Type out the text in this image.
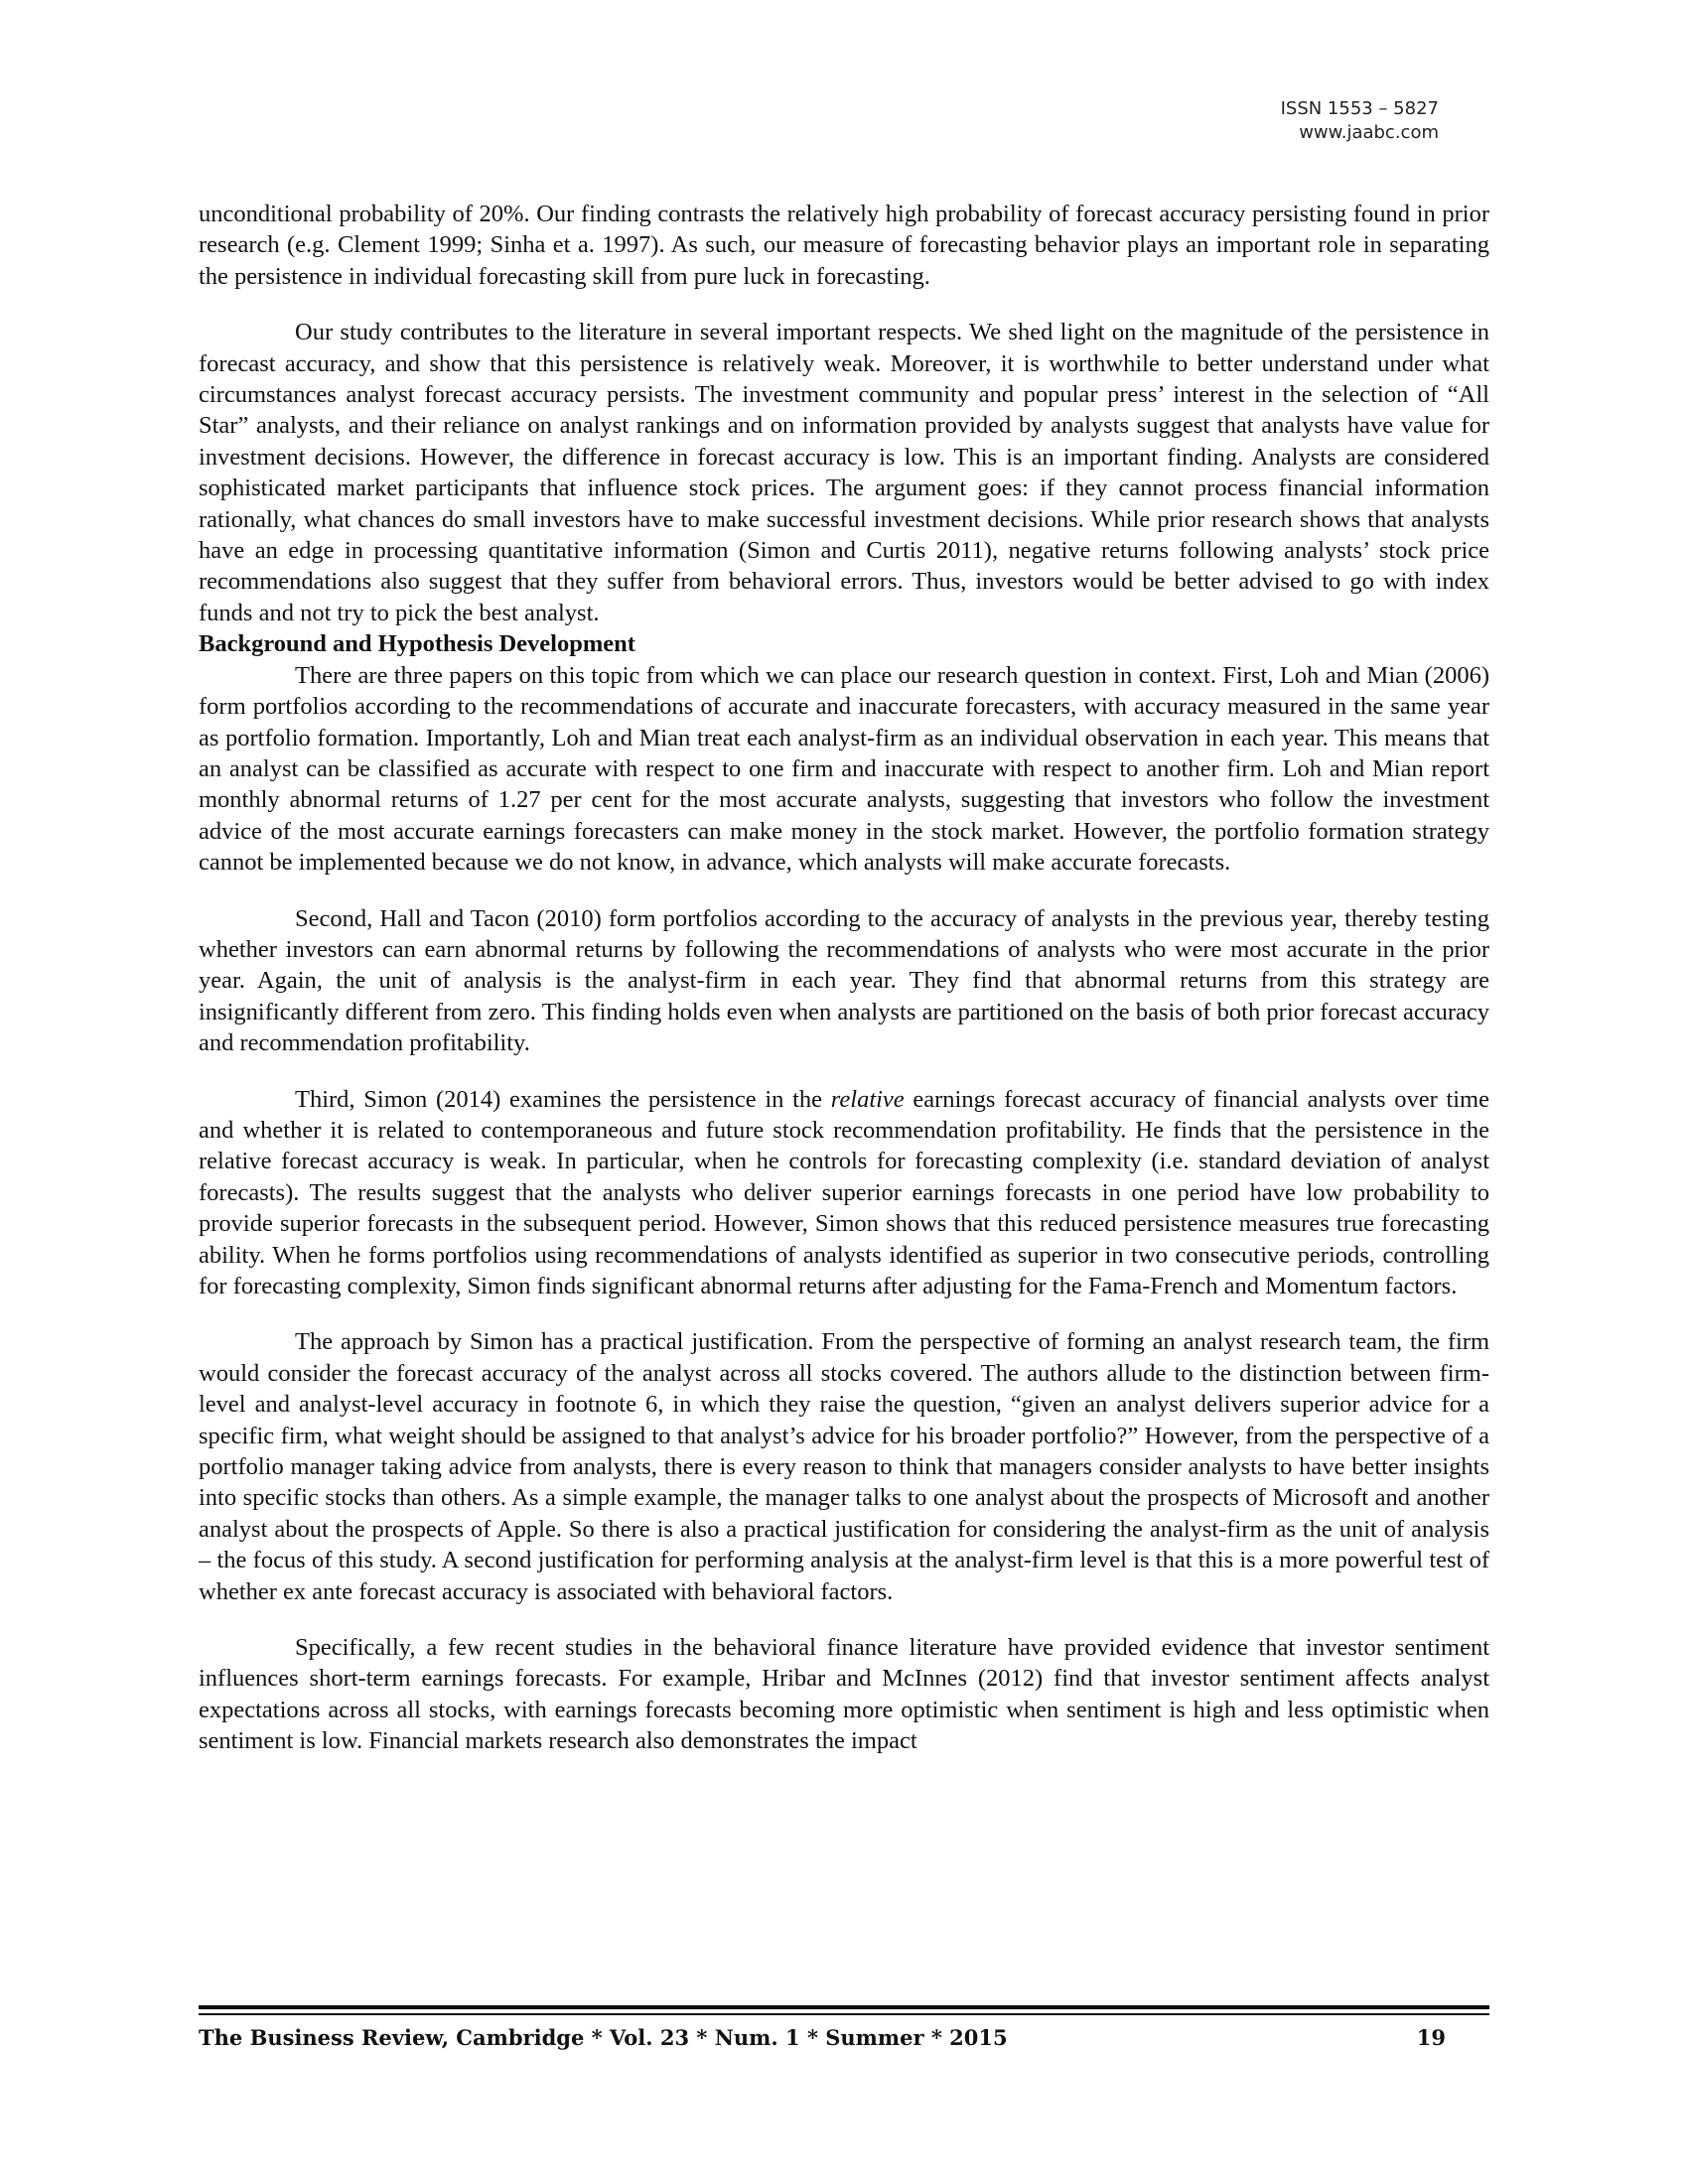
ISSN 1553 – 5827
www.jaabc.com

unconditional probability of 20%. Our finding contrasts the relatively high probability of forecast accuracy persisting found in prior research (e.g. Clement 1999; Sinha et a. 1997). As such, our measure of forecasting behavior plays an important role in separating the persistence in individual forecasting skill from pure luck in forecasting.

Our study contributes to the literature in several important respects. We shed light on the magnitude of the persistence in forecast accuracy, and show that this persistence is relatively weak. Moreover, it is worthwhile to better understand under what circumstances analyst forecast accuracy persists. The investment community and popular press’ interest in the selection of “All Star” analysts, and their reliance on analyst rankings and on information provided by analysts suggest that analysts have value for investment decisions. However, the difference in forecast accuracy is low. This is an important finding. Analysts are considered sophisticated market participants that influence stock prices. The argument goes: if they cannot process financial information rationally, what chances do small investors have to make successful investment decisions. While prior research shows that analysts have an edge in processing quantitative information (Simon and Curtis 2011), negative returns following analysts’ stock price recommendations also suggest that they suffer from behavioral errors. Thus, investors would be better advised to go with index funds and not try to pick the best analyst.

Background and Hypothesis Development

There are three papers on this topic from which we can place our research question in context. First, Loh and Mian (2006) form portfolios according to the recommendations of accurate and inaccurate forecasters, with accuracy measured in the same year as portfolio formation. Importantly, Loh and Mian treat each analyst-firm as an individual observation in each year. This means that an analyst can be classified as accurate with respect to one firm and inaccurate with respect to another firm. Loh and Mian report monthly abnormal returns of 1.27 per cent for the most accurate analysts, suggesting that investors who follow the investment advice of the most accurate earnings forecasters can make money in the stock market. However, the portfolio formation strategy cannot be implemented because we do not know, in advance, which analysts will make accurate forecasts.

Second, Hall and Tacon (2010) form portfolios according to the accuracy of analysts in the previous year, thereby testing whether investors can earn abnormal returns by following the recommendations of analysts who were most accurate in the prior year. Again, the unit of analysis is the analyst-firm in each year. They find that abnormal returns from this strategy are insignificantly different from zero. This finding holds even when analysts are partitioned on the basis of both prior forecast accuracy and recommendation profitability.

Third, Simon (2014) examines the persistence in the relative earnings forecast accuracy of financial analysts over time and whether it is related to contemporaneous and future stock recommendation profitability. He finds that the persistence in the relative forecast accuracy is weak. In particular, when he controls for forecasting complexity (i.e. standard deviation of analyst forecasts). The results suggest that the analysts who deliver superior earnings forecasts in one period have low probability to provide superior forecasts in the subsequent period. However, Simon shows that this reduced persistence measures true forecasting ability. When he forms portfolios using recommendations of analysts identified as superior in two consecutive periods, controlling for forecasting complexity, Simon finds significant abnormal returns after adjusting for the Fama-French and Momentum factors.

The approach by Simon has a practical justification. From the perspective of forming an analyst research team, the firm would consider the forecast accuracy of the analyst across all stocks covered. The authors allude to the distinction between firm-level and analyst-level accuracy in footnote 6, in which they raise the question, “given an analyst delivers superior advice for a specific firm, what weight should be assigned to that analyst’s advice for his broader portfolio?” However, from the perspective of a portfolio manager taking advice from analysts, there is every reason to think that managers consider analysts to have better insights into specific stocks than others. As a simple example, the manager talks to one analyst about the prospects of Microsoft and another analyst about the prospects of Apple. So there is also a practical justification for considering the analyst-firm as the unit of analysis – the focus of this study. A second justification for performing analysis at the analyst-firm level is that this is a more powerful test of whether ex ante forecast accuracy is associated with behavioral factors.

Specifically, a few recent studies in the behavioral finance literature have provided evidence that investor sentiment influences short-term earnings forecasts. For example, Hribar and McInnes (2012) find that investor sentiment affects analyst expectations across all stocks, with earnings forecasts becoming more optimistic when sentiment is high and less optimistic when sentiment is low. Financial markets research also demonstrates the impact

The Business Review, Cambridge * Vol. 23 * Num. 1 * Summer * 2015	19
